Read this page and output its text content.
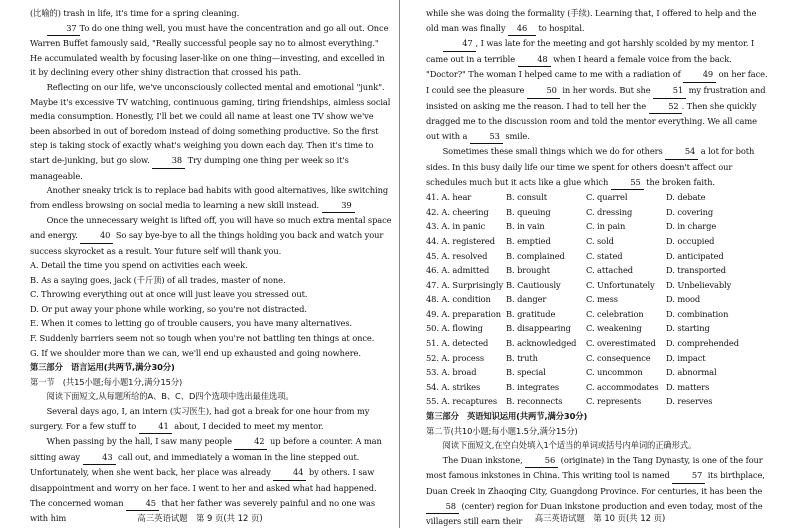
(比喻的) trash in life, it's time for a spring cleaning.

37 To do one thing well, you must have the concentration and go all out. Once Warren Buffet famously said, "Really successful people say no to almost everything." He accumulated wealth by focusing laser-like on one thing—investing, and excelled in it by declining every other shiny distraction that crossed his path.

Reflecting on our life, we've unconsciously collected mental and emotional "junk". Maybe it's excessive TV watching, continuous gaming, tiring friendships, aimless social media consumption. Honestly, I'll bet we could all name at least one TV show we've been absorbed in out of boredom instead of doing something productive. So the first step is taking stock of exactly what's weighing you down each day. Then it's time to start de-junking, but go slow. 38 Try dumping one thing per week so it's manageable.

Another sneaky trick is to replace bad habits with good alternatives, like switching from endless browsing on social media to learning a new skill instead. 39

Once the unnecessary weight is lifted off, you will have so much extra mental space and energy. 40 So say bye-bye to all the things holding you back and watch your success skyrocket as a result. Your future self will thank you.

A. Detail the time you spend on activities each week.

B. As a saying goes, jack (千斤顶) of all trades, master of none.

C. Throwing everything out at once will just leave you stressed out.

D. Or put away your phone while working, so you're not distracted.

E. When it comes to letting go of trouble causers, you have many alternatives.

F. Suddenly barriers seem not so tough when you're not battling ten things at once.

G. If we shoulder more than we can, we'll end up exhausted and going nowhere.

第三部分　语言运用(共两节,满分30分)

第一节　(共15小题;每小题1分,满分15分)

阅读下面短文,从每题所给的A、B、C、D四个选项中选出最佳选项。

Several days ago, I, an intern (实习医生), had got a break for one hour from my surgery. For a few stuff to 41 about, I decided to meet my mentor.

When passing by the hall, I saw many people 42 up before a counter. A man sitting away 43 call out, and immediately a woman in the line stepped out. Unfortunately, when she went back, her place was already 44 by others. I saw disappointment and worry on her face. I went to her and asked what had happened. The concerned woman 45 that her father was severely painful and no one was with him	高三英语试题　第 9 页(共 12 页)

while she was doing the formality (手续). Learning that, I offered to help and the old man was finally 46 to hospital.

47 , I was late for the meeting and got harshly scolded by my mentor. I came out in a terrible 48 when I heard a female voice from the back. "Doctor?" The woman I helped came to me with a radiation of 49 on her face. I could see the pleasure 50 in her words. But she 51 my frustration and insisted on asking me the reason. I had to tell her the 52 . Then she quickly dragged me to the discussion room and told the mentor everything. We all came out with a 53 smile.

Sometimes these small things which we do for others 54 a lot for both sides. In this busy daily life our time we spent for others doesn't affect our schedules much but it acts like a glue which 55 the broken faith.

41. A. hear	B. consult	C. quarrel	D. debate
42. A. cheering	B. queuing	C. dressing	D. covering
43. A. in panic	B. in vain	C. in pain	D. in charge
44. A. registered	B. emptied	C. sold	D. occupied
45. A. resolved	B. complained	C. stated	D. anticipated
46. A. admitted	B. brought	C. attached	D. transported
47. A. Surprisingly B. Cautiously	C. Unfortunately	D. Unbelievably
48. A. condition	B. danger	C. mess	D. mood
49. A. preparation B. gratitude	C. celebration	D. combination
50. A. flowing	B. disappearing	C. weakening	D. starting
51. A. detected	B. acknowledged	C. overestimated	D. comprehended
52. A. process	B. truth	C. consequence	D. impact
53. A. broad	B. special	C. uncommon	D. abnormal
54. A. strikes	B. integrates	C. accommodates D. matters
55. A. recaptures	B. reconnects	C. represents	D. reserves

第三部分　英语知识运用(共两节,满分30分)

第二节(共10小题;每小题1.5分,满分15分)

阅读下面短文,在空白处填入1个适当的单词或括号内单词的正确形式。

The Duan inkstone, 56 (originate) in the Tang Dynasty, is one of the four most famous inkstones in China. This writing tool is named 57 its birthplace, Duan Creek in Zhaoqing City, Guangdong Province. For centuries, it has been the 58 (center) region for Duan inkstone production and even today, most of the villagers still earn their	高三英语试题　第 10 页(共 12 页)
